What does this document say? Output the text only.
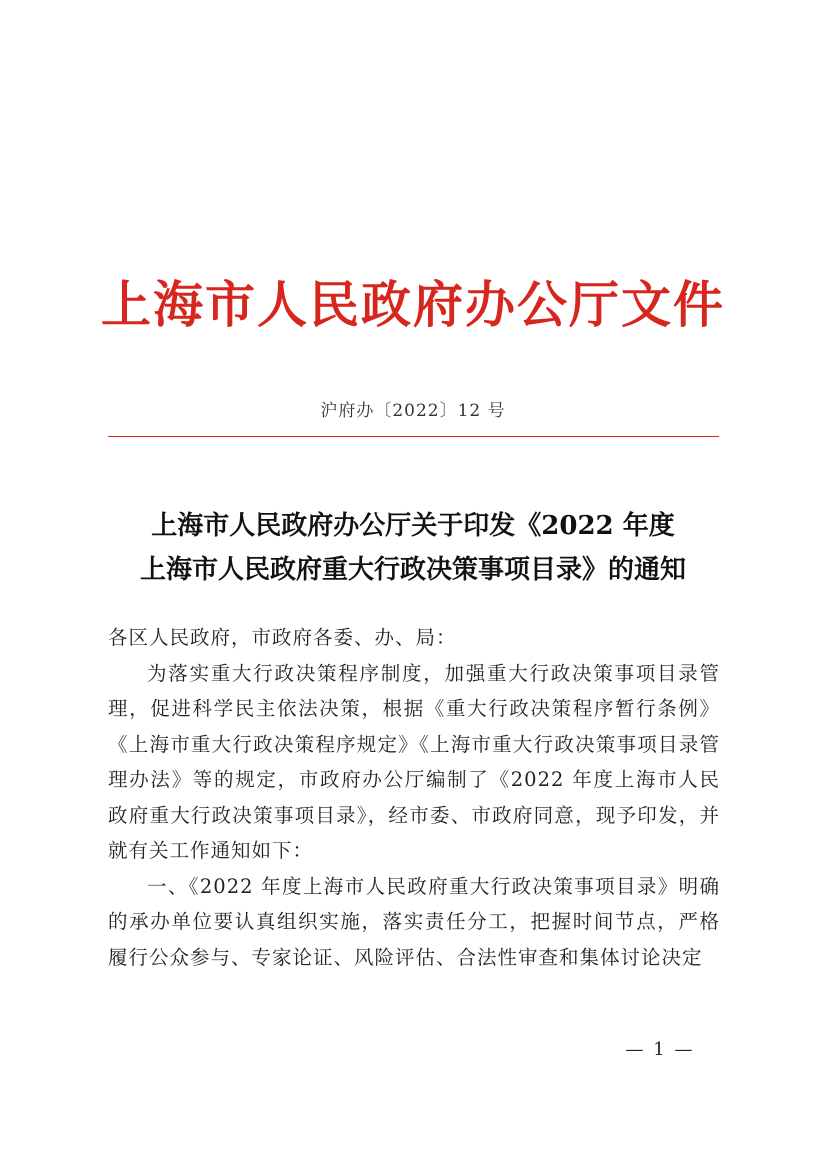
上海市人民政府办公厅文件
沪府办〔2022〕12 号
上海市人民政府办公厅关于印发《2022 年度
上海市人民政府重大行政决策事项目录》的通知

各区人民政府，市政府各委、办、局：

为落实重大行政决策程序制度，加强重大行政决策事项目录管理，促进科学民主依法决策，根据《重大行政决策程序暂行条例》《上海市重大行政决策程序规定》《上海市重大行政决策事项目录管理办法》等的规定，市政府办公厅编制了《2022 年度上海市人民政府重大行政决策事项目录》，经市委、市政府同意，现予印发，并就有关工作通知如下：

一、《2022 年度上海市人民政府重大行政决策事项目录》明确的承办单位要认真组织实施，落实责任分工，把握时间节点，严格履行公众参与、专家论证、风险评估、合法性审查和集体讨论决定

— 1 —
